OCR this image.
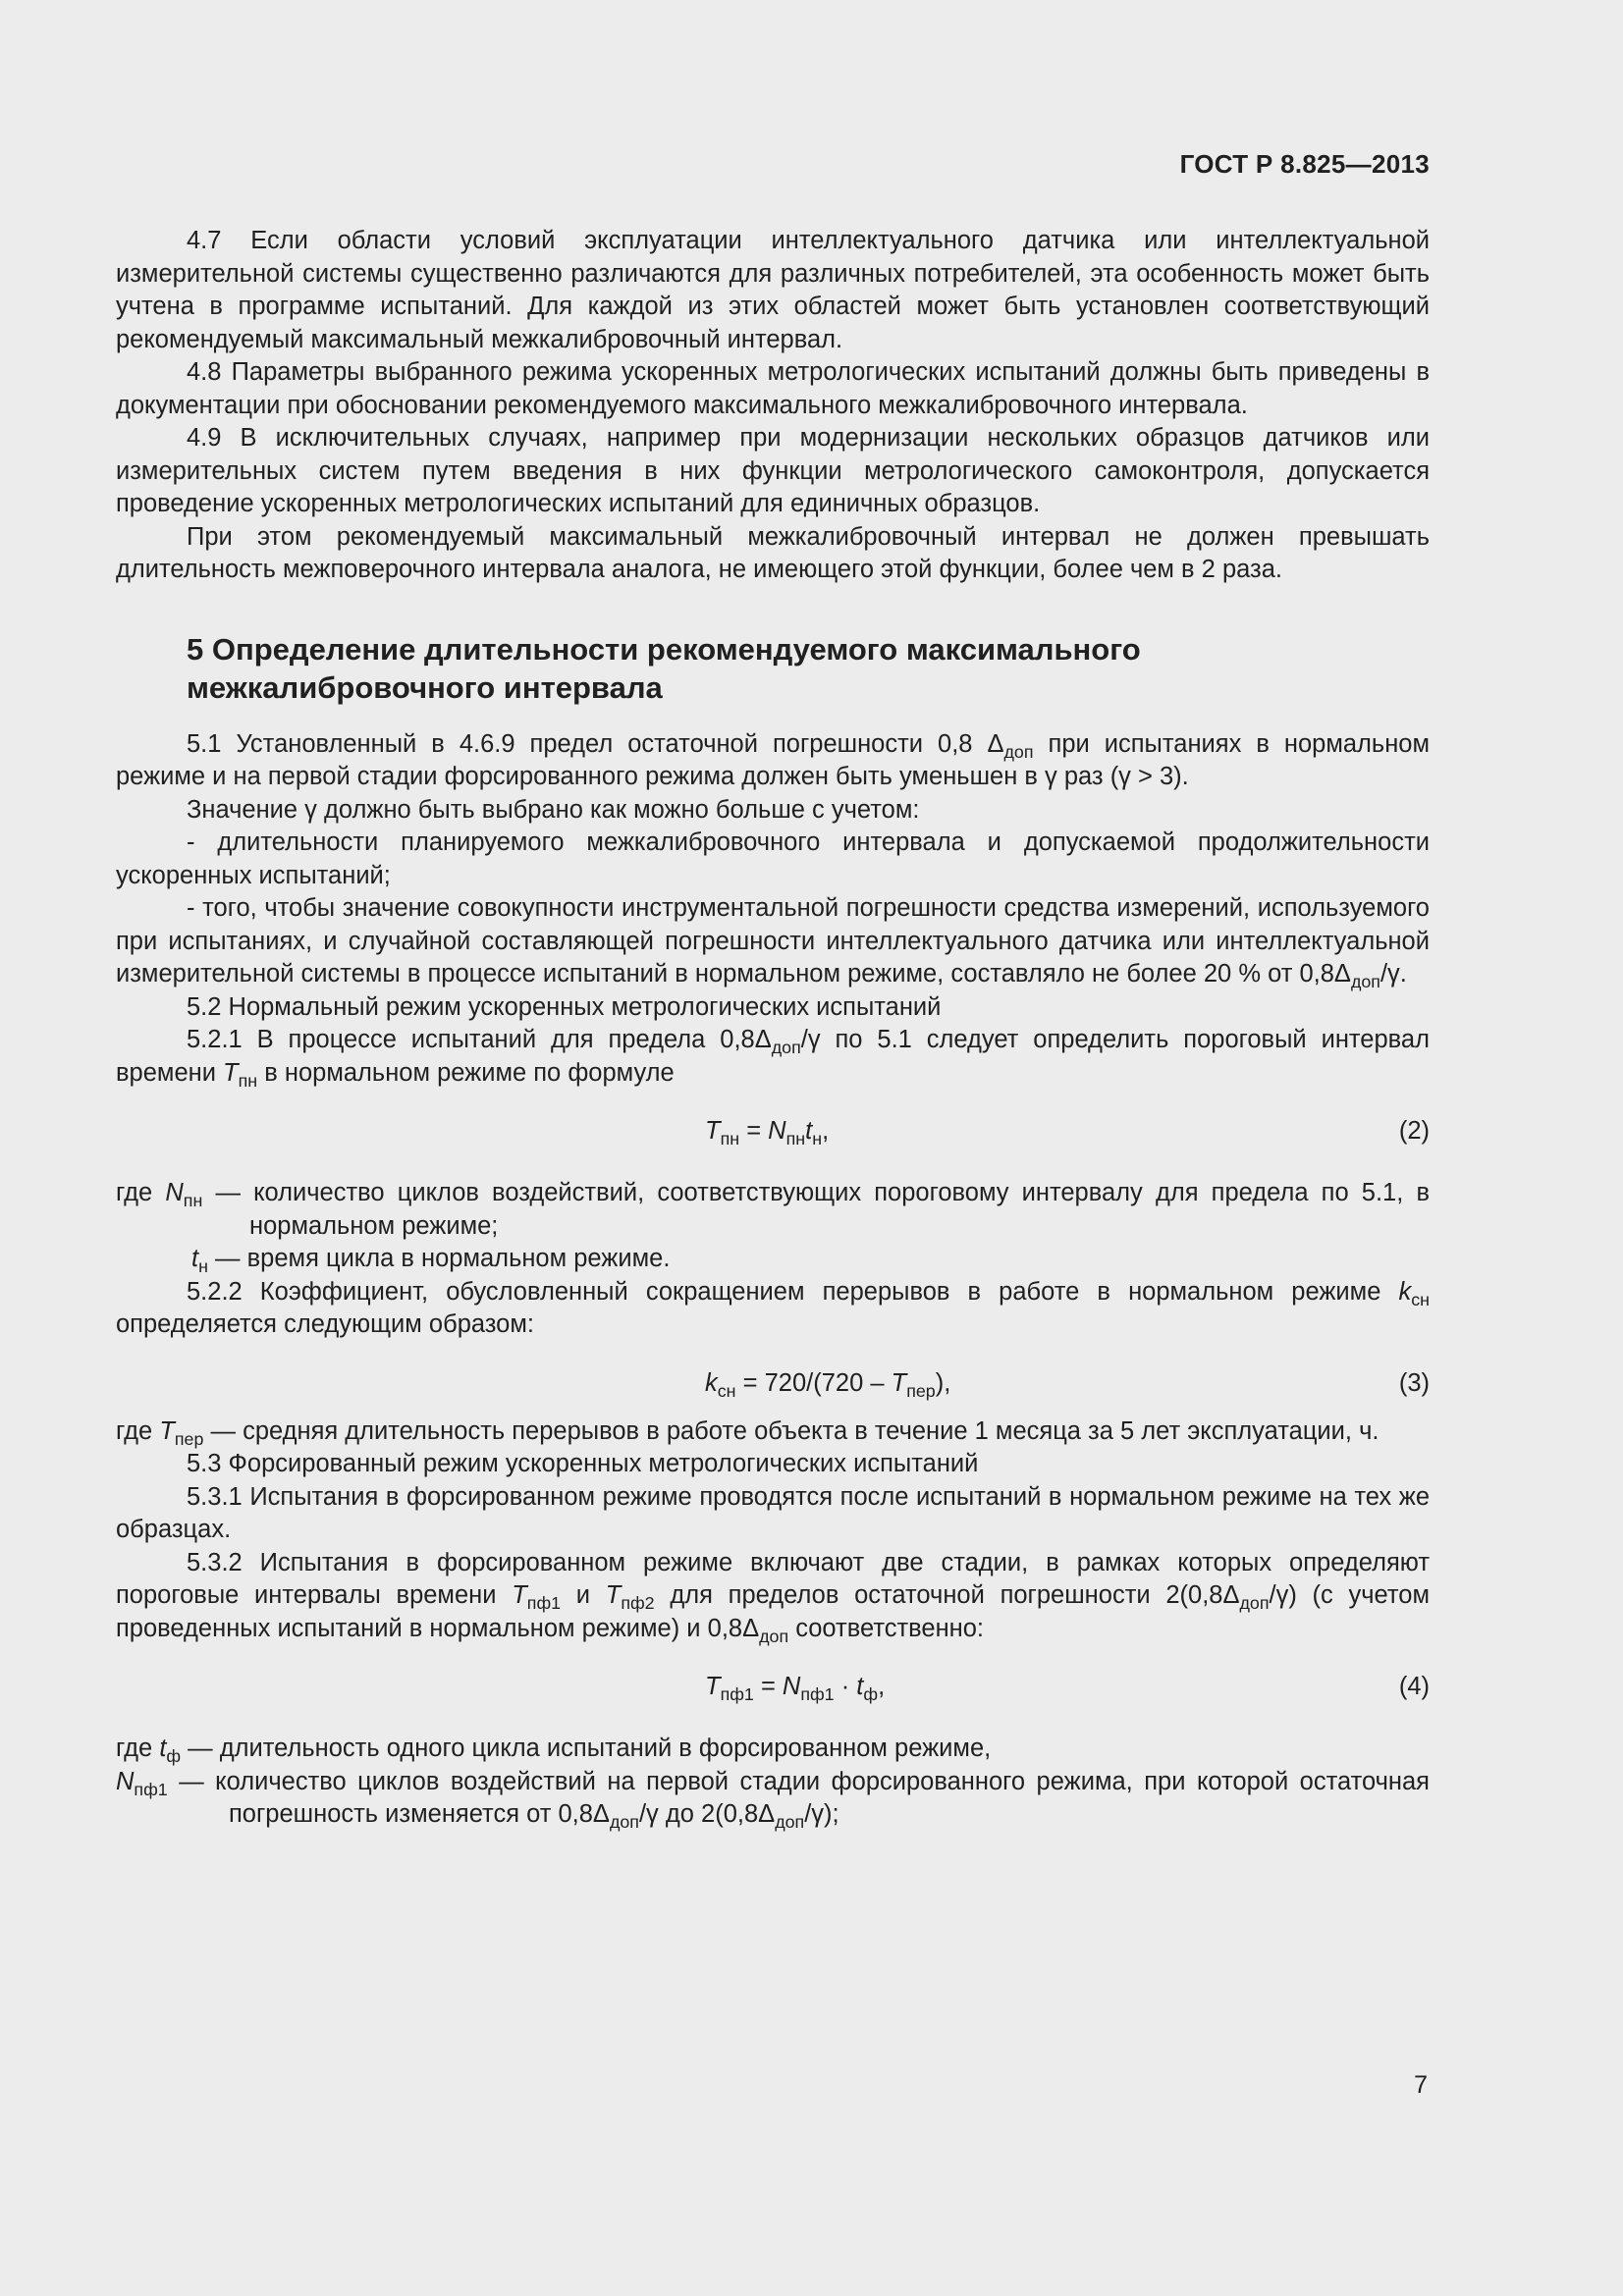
ГОСТ Р 8.825—2013

4.7 Если области условий эксплуатации интеллектуального датчика или интеллектуальной измерительной системы существенно различаются для различных потребителей, эта особенность может быть учтена в программе испытаний. Для каждой из этих областей может быть установлен соответствующий рекомендуемый максимальный межкалибровочный интервал.

4.8 Параметры выбранного режима ускоренных метрологических испытаний должны быть приведены в документации при обосновании рекомендуемого максимального межкалибровочного интервала.

4.9 В исключительных случаях, например при модернизации нескольких образцов датчиков или измерительных систем путем введения в них функции метрологического самоконтроля, допускается проведение ускоренных метрологических испытаний для единичных образцов.

При этом рекомендуемый максимальный межкалибровочный интервал не должен превышать длительность межповерочного интервала аналога, не имеющего этой функции, более чем в 2 раза.

5 Определение длительности рекомендуемого максимального
межкалибровочного интервала

5.1 Установленный в 4.6.9 предел остаточной погрешности 0,8 $\Delta_{доп}$ при испытаниях в нормальном режиме и на первой стадии форсированного режима должен быть уменьшен в γ раз (γ > 3).

Значение γ должно быть выбрано как можно больше с учетом:

- длительности планируемого межкалибровочного интервала и допускаемой продолжительности ускоренных испытаний;

- того, чтобы значение совокупности инструментальной погрешности средства измерений, используемого при испытаниях, и случайной составляющей погрешности интеллектуального датчика или интеллектуальной измерительной системы в процессе испытаний в нормальном режиме, составляло не более 20 % от $0,8\Delta_{доп}/\gamma$.

5.2 Нормальный режим ускоренных метрологических испытаний

5.2.1 В процессе испытаний для предела $0,8\Delta_{доп}/\gamma$ по 5.1 следует определить пороговый интервал времени $T_{пн}$ в нормальном режиме по формуле

$T_{пн} = N_{пн}t_н$,	(2)
где $N_{пн}$ — количество циклов воздействий, соответствующих пороговому интервалу для предела по 5.1, в нормальном режиме;
$t_н$ — время цикла в нормальном режиме.

5.2.2 Коэффициент, обусловленный сокращением перерывов в работе в нормальном режиме $k_{сн}$ определяется следующим образом:

$k_{сн} = 720/(720 - T_{пер})$,	(3)
где $T_{пер}$ — средняя длительность перерывов в работе объекта в течение 1 месяца за 5 лет эксплуатации, ч.

5.3 Форсированный режим ускоренных метрологических испытаний

5.3.1 Испытания в форсированном режиме проводятся после испытаний в нормальном режиме на тех же образцах.

5.3.2 Испытания в форсированном режиме включают две стадии, в рамках которых определяют пороговые интервалы времени $T_{пф1}$ и $T_{пф2}$ для пределов остаточной погрешности $2(0,8\Delta_{доп}/\gamma)$ (с учетом проведенных испытаний в нормальном режиме) и $0,8\Delta_{доп}$ соответственно:

$T_{пф1} = N_{пф1} \cdot t_ф$,	(4)
где $t_ф$ — длительность одного цикла испытаний в форсированном режиме,
$N_{пф1}$ — количество циклов воздействий на первой стадии форсированного режима, при которой остаточная погрешность изменяется от $0,8\Delta_{доп}/\gamma$ до $2(0,8\Delta_{доп}/\gamma)$;
7
